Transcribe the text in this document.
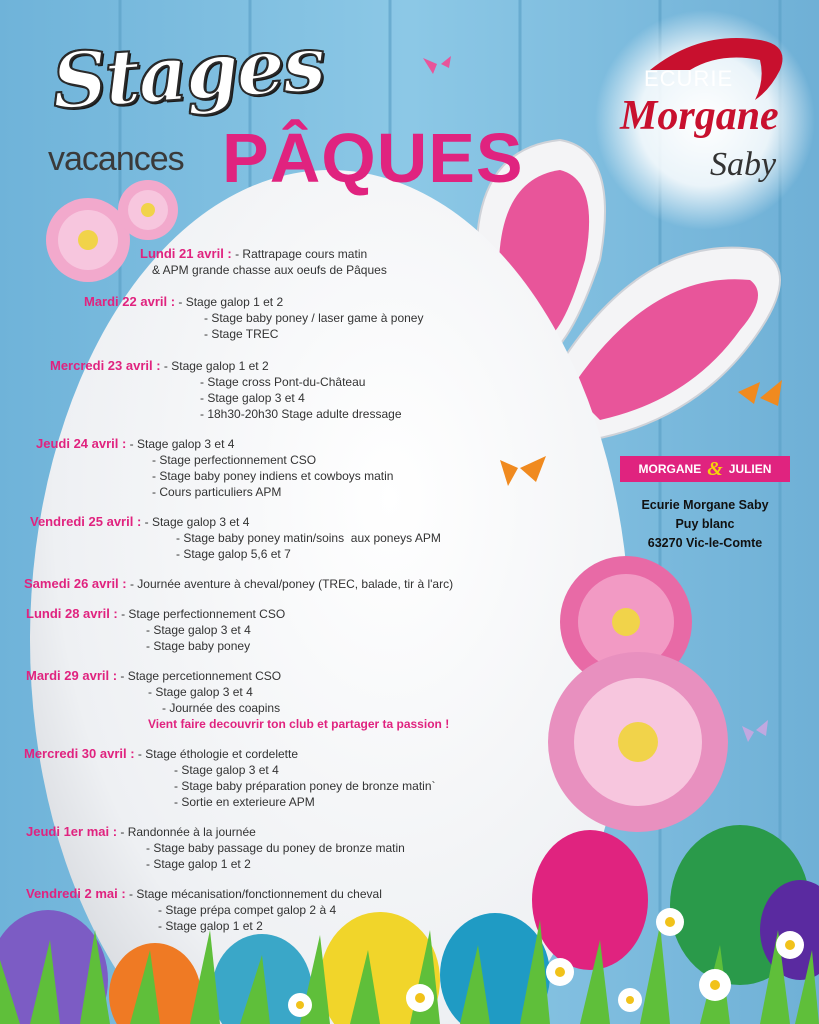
Stages
vacances PÂQUES
ECURIE
Morgane
Saby
MORGANE & JULIEN
Ecurie Morgane Saby
Puy blanc
63270 Vic-le-Comte
Lundi 21 avril : - Rattrapage cours matin
& APM grande chasse aux oeufs de Pâques
Mardi 22 avril : - Stage galop 1 et 2
- Stage baby poney / laser game à poney
- Stage TREC
Mercredi 23 avril : - Stage galop 1 et 2
- Stage cross Pont-du-Château
- Stage galop 3 et 4
- 18h30-20h30 Stage adulte dressage
Jeudi 24 avril : - Stage galop 3 et 4
- Stage perfectionnement CSO
- Stage baby poney indiens et cowboys matin
- Cours particuliers APM
Vendredi 25 avril : - Stage galop 3 et 4
- Stage baby poney matin/soins  aux poneys APM
- Stage galop 5,6 et 7
Samedi 26 avril : - Journée aventure à cheval/poney (TREC, balade, tir à l'arc)
Lundi 28 avril : - Stage perfectionnement CSO
- Stage galop 3 et 4
- Stage baby poney
Mardi 29 avril : - Stage percetionnement CSO
- Stage galop 3 et 4
- Journée des coapins
Vient faire decouvrir ton club et partager ta passion !
Mercredi 30 avril : - Stage éthologie et cordelette
- Stage galop 3 et 4
- Stage baby préparation poney de bronze matin`
- Sortie en exterieure APM
Jeudi 1er mai : - Randonnée à la journée
- Stage baby passage du poney de bronze matin
- Stage galop 1 et 2
Vendredi 2 mai : - Stage mécanisation/fonctionnement du cheval
- Stage prépa compet galop 2 à 4
- Stage galop 1 et 2
